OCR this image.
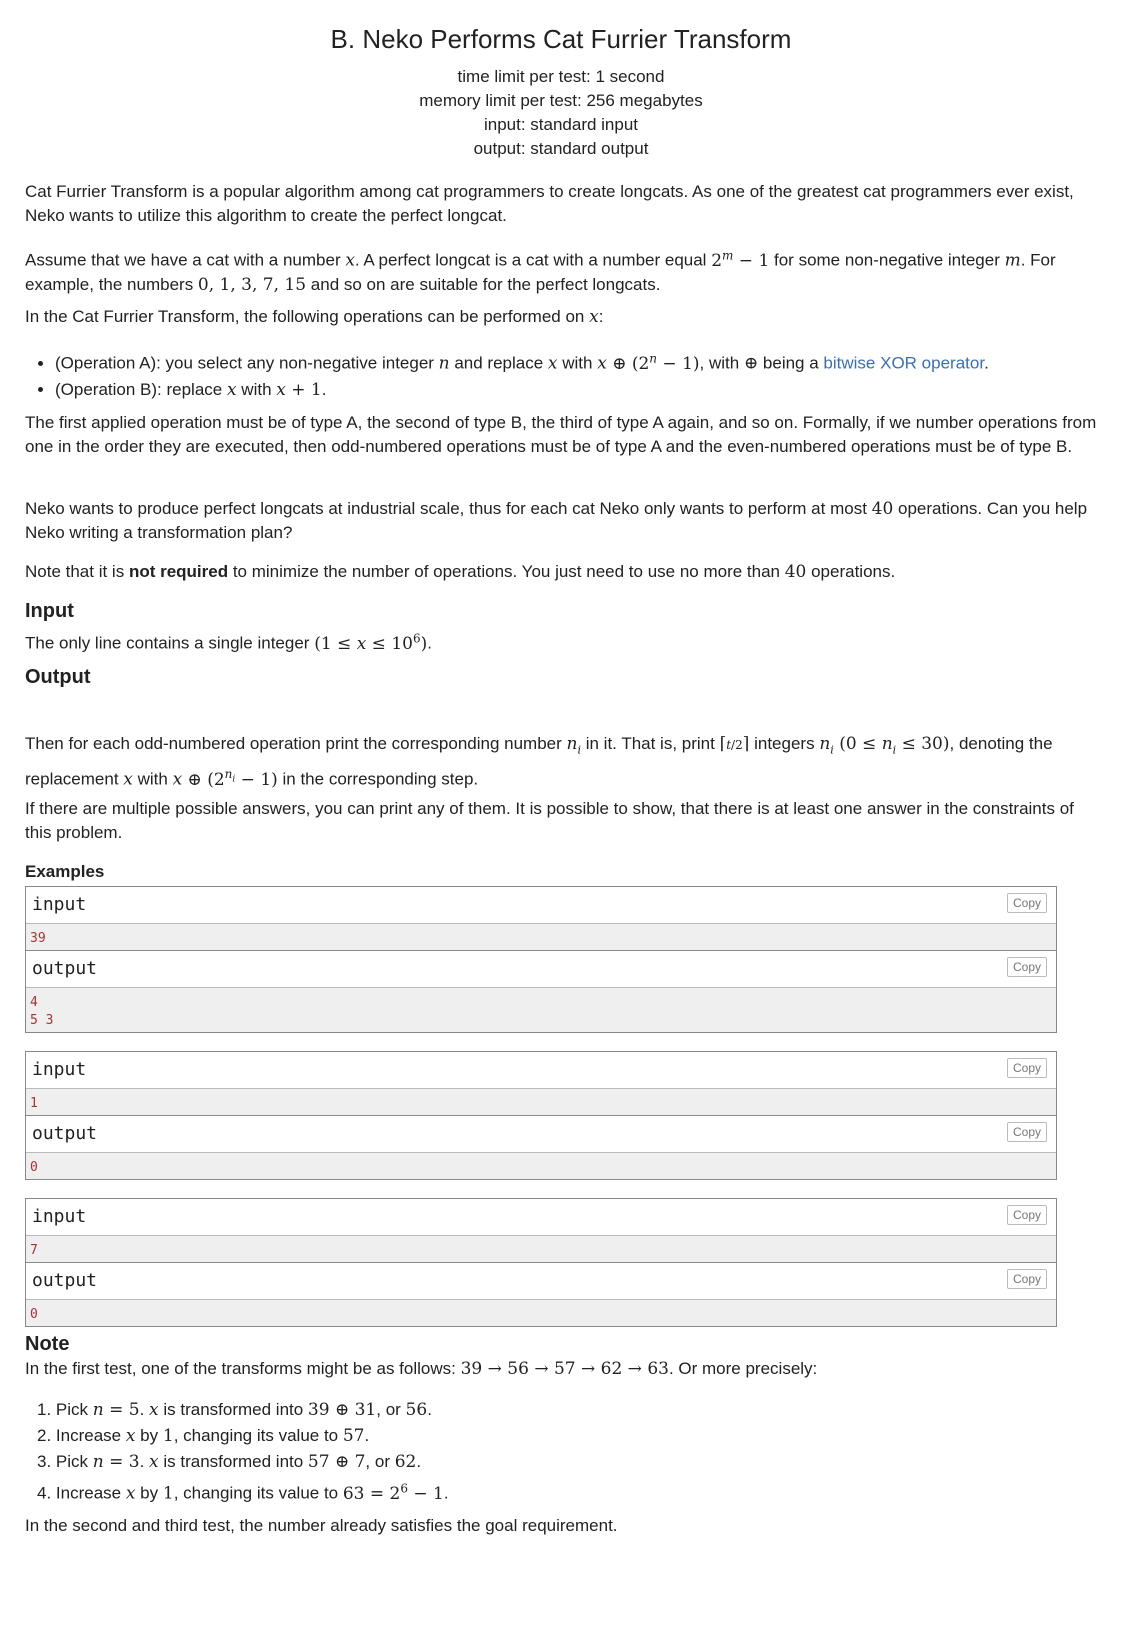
B. Neko Performs Cat Furrier Transform
time limit per test: 1 second
memory limit per test: 256 megabytes
input: standard input
output: standard output

Cat Furrier Transform is a popular algorithm among cat programmers to create longcats. As one of the greatest cat programmers ever exist, Neko wants to utilize this algorithm to create the perfect longcat.

Assume that we have a cat with a number x. A perfect longcat is a cat with a number equal $2^m - 1$ for some non-negative integer m. For example, the numbers 0, 1, 3, 7, 15 and so on are suitable for the perfect longcats.

In the Cat Furrier Transform, the following operations can be performed on x:

• (Operation A): you select any non-negative integer n and replace x with x ⊕ $(2^n - 1)$, with ⊕ being a bitwise XOR operator.
• (Operation B): replace x with x + 1.

The first applied operation must be of type A, the second of type B, the third of type A again, and so on. Formally, if we number operations from one in the order they are executed, then odd-numbered operations must be of type A and the even-numbered operations must be of type B.

Neko wants to produce perfect longcats at industrial scale, thus for each cat Neko only wants to perform at most 40 operations. Can you help Neko writing a transformation plan?

Note that it is not required to minimize the number of operations. You just need to use no more than 40 operations.

Input

The only line contains a single integer $(1 \le x \le 10^6)$.

Output

Then for each odd-numbered operation print the corresponding number $n_i$ in it. That is, print ⌈t/2⌉ integers $n_i$ $(0 \le n_i \le 30)$, denoting the replacement x with x ⊕ $(2^{n_i} - 1)$ in the corresponding step.

If there are multiple possible answers, you can print any of them. It is possible to show, that there is at least one answer in the constraints of this problem.

Examples
input	Copy
39
output	Copy
4
5 3
input	Copy
1
output	Copy
0
input	Copy
7
output	Copy
0
Note

In the first test, one of the transforms might be as follows: 39 → 56 → 57 → 62 → 63. Or more precisely:

1. Pick n = 5. x is transformed into 39 ⊕ 31, or 56.
2. Increase x by 1, changing its value to 57.
3. Pick n = 3. x is transformed into 57 ⊕ 7, or 62.
4. Increase x by 1, changing its value to $63 = 2^6 - 1$.

In the second and third test, the number already satisfies the goal requirement.
